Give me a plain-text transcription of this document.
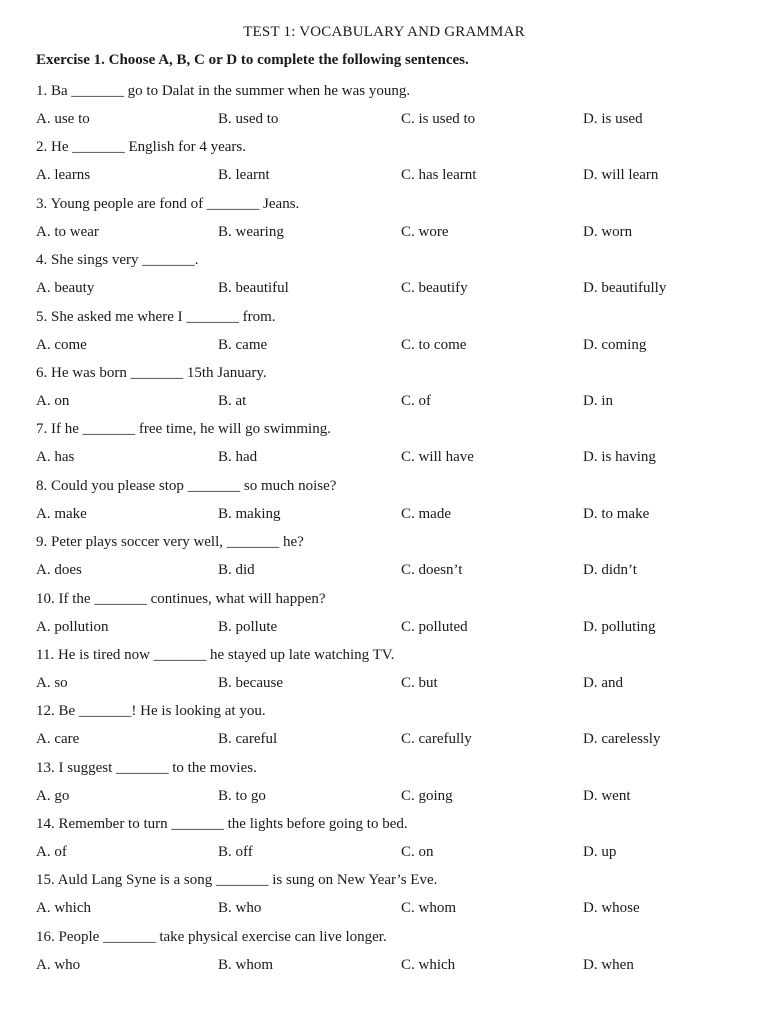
TEST 1: VOCABULARY AND GRAMMAR
Exercise 1. Choose A, B, C or D to complete the following sentences.
1. Ba _______ go to Dalat in the summer when he was young.
A. use to	B. used to	C. is used to	D. is used
2. He _______ English for 4 years.
A. learns	B. learnt	C. has learnt	D. will learn
3. Young people are fond of _______ Jeans.
A. to wear	B. wearing	C. wore	D. worn
4. She sings very _______.
A. beauty	B. beautiful	C. beautify	D. beautifully
5. She asked me where I _______ from.
A. come	B. came	C. to come	D. coming
6. He was born _______ 15th January.
A. on	B. at	C. of	D. in
7. If he _______ free time, he will go swimming.
A. has	B. had	C. will have	D. is having
8. Could you please stop _______ so much noise?
A. make	B. making	C. made	D. to make
9. Peter plays soccer very well, _______ he?
A. does	B. did	C. doesn’t	D. didn’t
10. If the _______ continues, what will happen?
A. pollution	B. pollute	C. polluted	D. polluting
11. He is tired now _______ he stayed up late watching TV.
A. so	B. because	C. but	D. and
12. Be _______! He is looking at you.
A. care	B. careful	C. carefully	D. carelessly
13. I suggest _______ to the movies.
A. go	B. to go	C. going	D. went
14. Remember to turn _______ the lights before going to bed.
A. of	B. off	C. on	D. up
15. Auld Lang Syne is a song _______ is sung on New Year’s Eve.
A. which	B. who	C. whom	D. whose
16. People _______ take physical exercise can live longer.
A. who	B. whom	C. which	D. when
